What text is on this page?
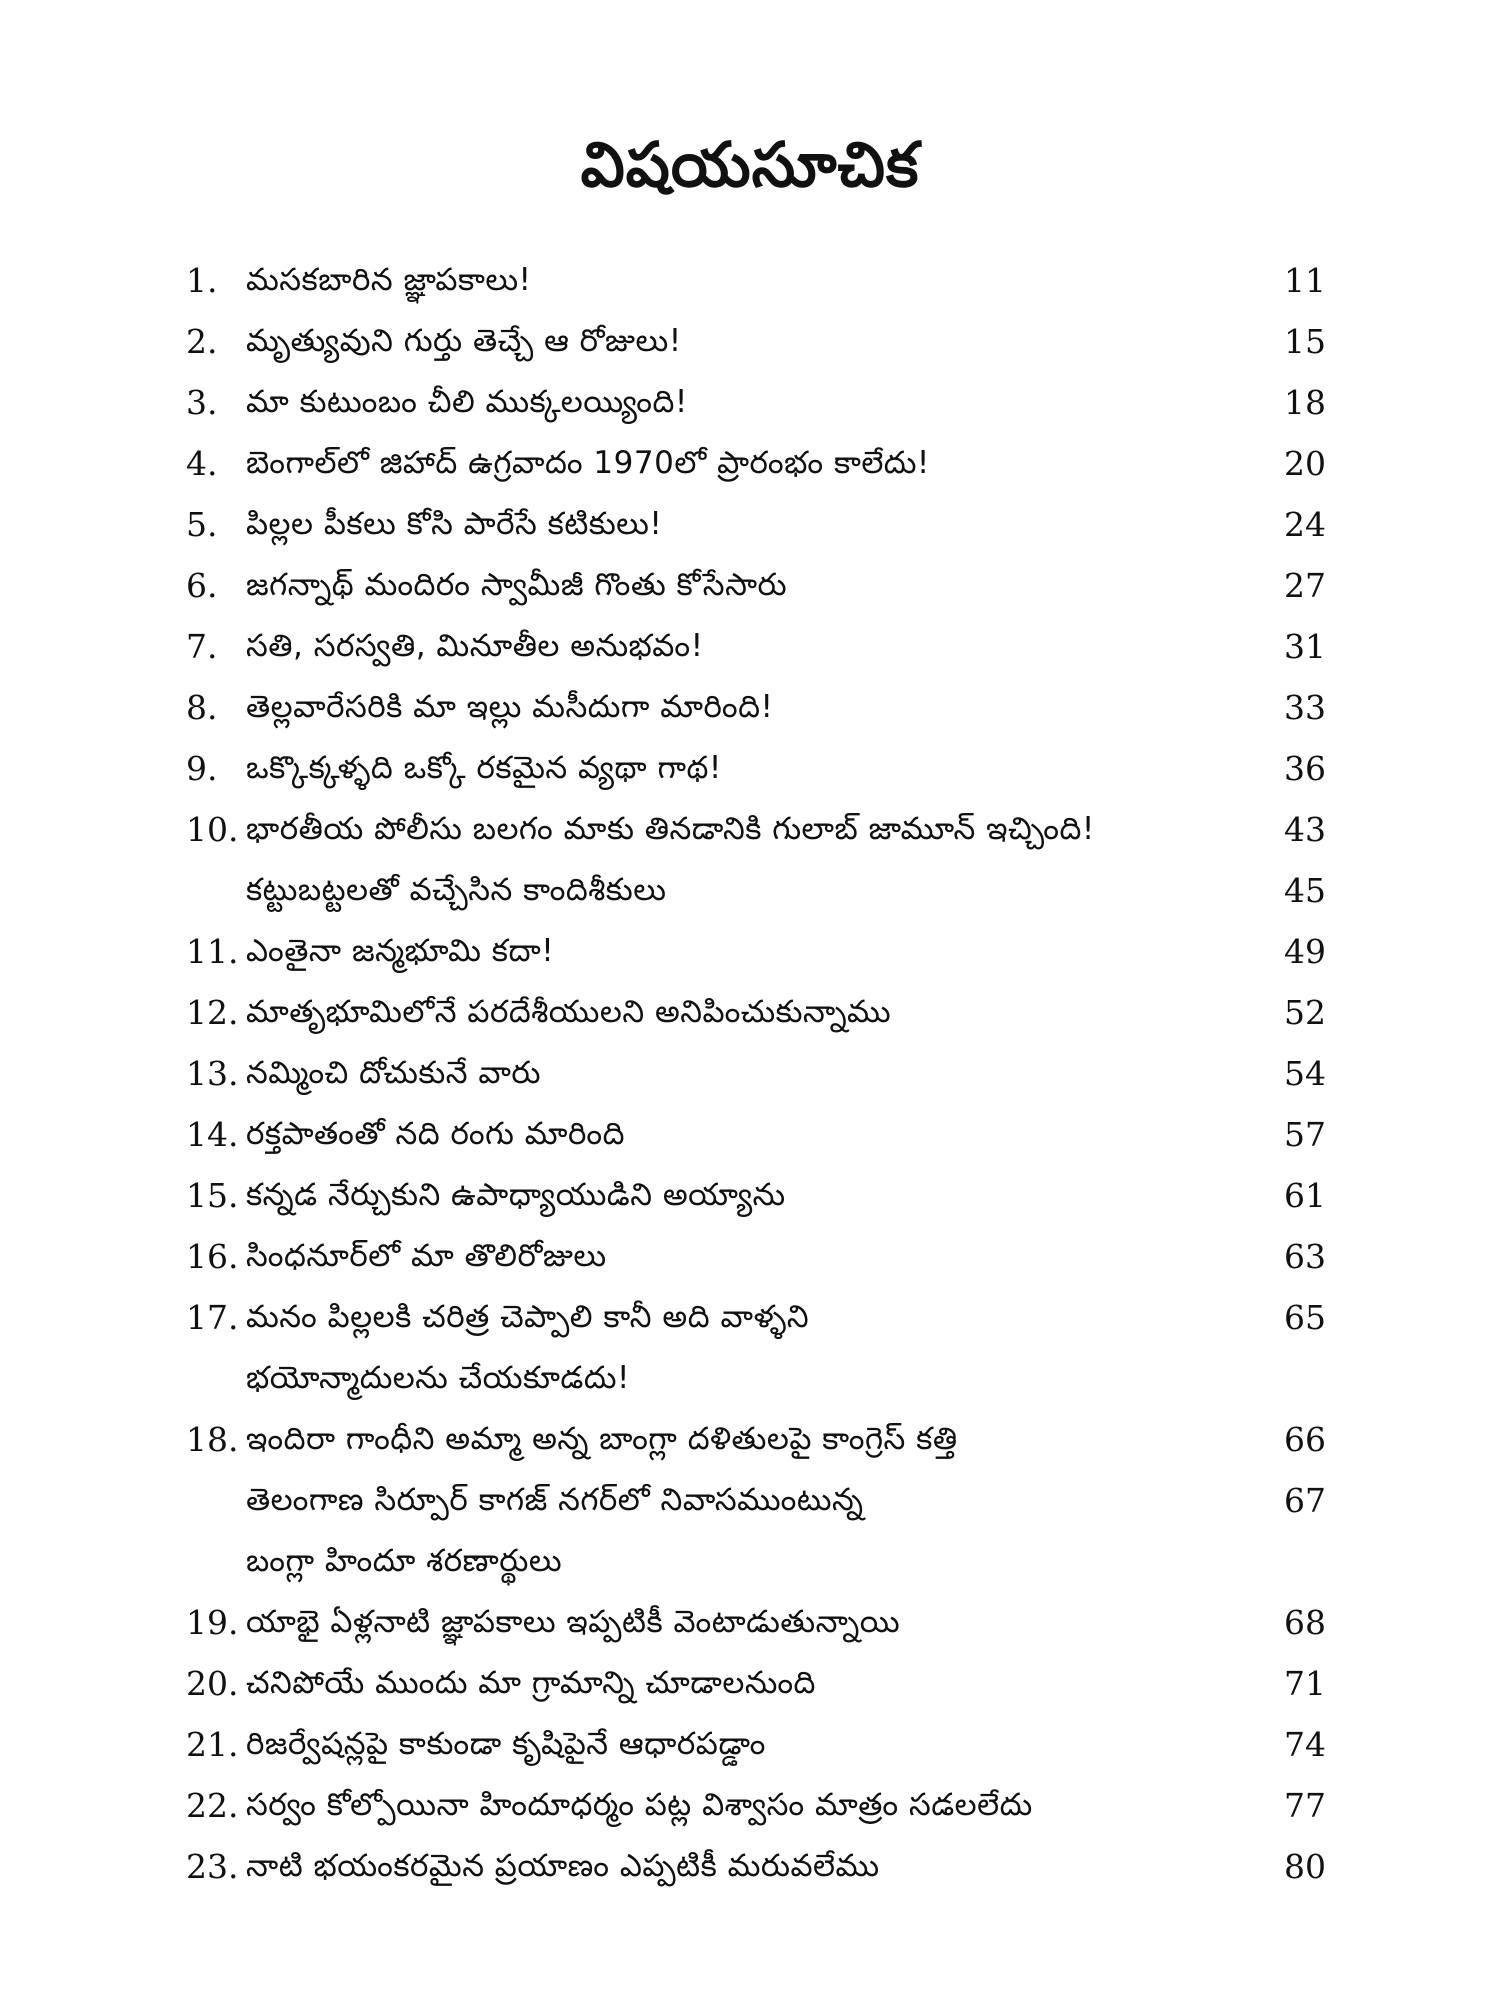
విషయసూచిక
1. మసకబారిన జ్ఞాపకాలు!	11
2. మృత్యువుని గుర్తు తెచ్చే ఆ రోజులు!	15
3. మా కుటుంబం చీలి ముక్కలయ్యింది!	18
4. బెంగాల్‌లో జిహాద్ ఉగ్రవాదం 1970లో ప్రారంభం కాలేదు!	20
5. పిల్లల పీకలు కోసి పారేసే కటికులు!	24
6. జగన్నాథ్ మందిరం స్వామీజీ గొంతు కోసేసారు	27
7. సతి, సరస్వతి, మినూతీల అనుభవం!	31
8. తెల్లవారేసరికి మా ఇల్లు మసీదుగా మారింది!	33
9. ఒక్కొక్కళ్ళది ఒక్కో రకమైన వ్యథా గాథ!	36
10. భారతీయ పోలీసు బలగం మాకు తినడానికి గులాబ్ జామూన్ ఇచ్చింది!	43
కట్టుబట్టలతో వచ్చేసిన కాందిశీకులు	45
11. ఎంతైనా జన్మభూమి కదా!	49
12. మాతృభూమిలోనే పరదేశీయులని అనిపించుకున్నాము	52
13. నమ్మించి దోచుకునే వారు	54
14. రక్తపాతంతో నది రంగు మారింది	57
15. కన్నడ నేర్చుకుని ఉపాధ్యాయుడిని అయ్యాను	61
16. సింధనూర్‌లో మా తొలిరోజులు	63
17. మనం పిల్లలకి చరిత్ర చెప్పాలి కానీ అది వాళ్ళని	65
భయోన్మాదులను చేయకూడదు!
18. ఇందిరా గాంధీని అమ్మా అన్న బాంగ్లా దళితులపై కాంగ్రెస్ కత్తి	66
తెలంగాణ సిర్పూర్ కాగజ్ నగర్‌లో నివాసముంటున్న	67
బంగ్లా హిందూ శరణార్థులు
19. యాభై ఏళ్లనాటి జ్ఞాపకాలు ఇప్పటికీ వెంటాడుతున్నాయి	68
20. చనిపోయే ముందు మా గ్రామాన్ని చూడాలనుంది	71
21. రిజర్వేషన్లపై కాకుండా కృషిపైనే ఆధారపడ్డాం	74
22. సర్వం కోల్పోయినా హిందూధర్మం పట్ల విశ్వాసం మాత్రం సడలలేదు	77
23. నాటి భయంకరమైన ప్రయాణం ఎప్పటికీ మరువలేము	80
